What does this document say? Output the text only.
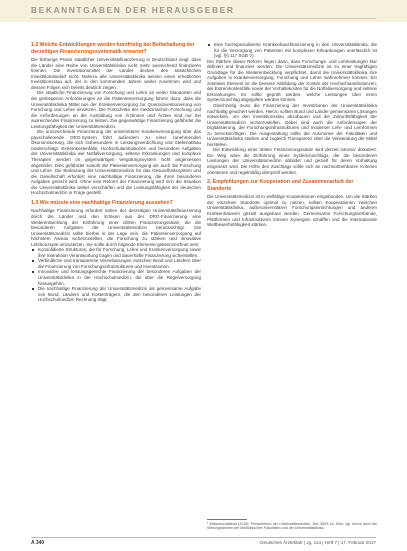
BEKANNTGABEN DER HERAUSGEBER
1.2 Welche Entwicklungen werden kurzfristig bei Beibehaltung der derzeitigen Finanzierungssystematik erwartet?

Die bisherige Praxis staatlicher Universitätsfinanzierung in Deutschland zeigt, dass die Länder eine Reihe von Universitätsklinika nicht mehr ausreichend finanzieren können. Die Investitionsmittel der Länder decken den tatsächlichen Investitionsbedarf nicht. Nahezu alle Universitätsklinika weisen einen erheblichen Investitionsstau auf, der in den kommenden Jahren weiter zunehmen wird und dessen Folgen sich bereits deutlich zeigen.

Die staatliche Finanzierung von Forschung und Lehre an vielen Standorten und die gestiegenen Anforderungen an die Patientenversorgung führen dazu, dass die Universitätsklinika Mittel aus der Krankenversorgung zur Quersubventionierung von Forschung und Lehre einsetzen. Die Fortschritte der medizinischen Forschung und die Anforderungen an die Ausbildung von Ärztinnen und Ärzten sind nur bei ausreichender Finanzierung zu leisten. Die gegenwärtige Finanzierung gefährdet die Leistungsfähigkeit der Universitätsmedizin.

Die unzureichende Finanzierung der universitären Krankenversorgung über das pauschalierende DRG-System führt außerdem zu einer zunehmenden Ökonomisierung, die sich insbesondere in Leistungsverdichtung und Stellenabbau niederschlägt. Extremkostenfälle, Hochschulambulanzen und besondere Aufgaben der Universitätsklinika wie Notfallversorgung, seltene Erkrankungen und komplexe Therapien werden im gegenwärtigen Vergütungssystem nicht angemessen abgebildet. Dies gefährdet sowohl die Patientenversorgung als auch die Forschung und Lehre. Die Bedeutung der Universitätsmedizin für das Gesundheitssystem und die Gesellschaft erfordert eine nachhaltige Finanzierung, die ihren besonderen Aufgaben gerecht wird. Ohne eine Reform der Finanzierung wird sich die Situation der Universitätsklinika weiter verschärfen und die Leistungsfähigkeit der deutschen Hochschulmedizin in Frage gestellt.

1.3 Wie müsste eine nachhaltige Finanzierung aussehen?

Nachhaltige Finanzierung erfordert neben der derzeitigen Universitätsfinanzierung durch die Länder und den Erlösen aus der DRG-Finanzierung eine Weiterentwicklung der Einführung einer dritten Finanzierungssäule, die die besonderen Aufgaben der Universitätsmedizin berücksichtigt. Die Universitätsmedizin sollte hierbei in der Lage sein, die Patientenversorgung auf höchstem Niveau sicherzustellen, die Forschung zu stärken und innovative Lehrkonzepte umzusetzen. Sie sollte durch folgende Elemente gekennzeichnet sein:

Konsolidierte Strukturen, die für Forschung, Lehre und Krankenversorgung sowie ihre Interaktion Verantwortung tragen und dauerhafte Finanzierung sicherstellen.
Verbindliche und transparente Vereinbarungen zwischen Bund und Ländern über die Finanzierung von Forschungsinfrastrukturen und Investitionen.
Innovative und leistungsgerechte Finanzierung der besonderen Aufgaben der Universitätsklinika in der Hochschulmedizin, die über die Regelversorgung hinausgehen.
Die nachhaltige Finanzierung der Universitätsmedizin als gemeinsame Aufgabe von Bund, Ländern und Kostenträgern, die den besonderen Leistungen der Hochschulmedizin Rechnung trägt.
Eine hochspezialisierte Krankenhausfinanzierung in den Universitätsklinika, die für die Versorgung von Patienten mit komplexen Erkrankungen unerlässlich ist (vgl. §§ 117 SGB V).

Die Stärken dieser Reform liegen darin, dass Forschungs- und Lehrleistungen klar definiert und finanziert werden. Die Universitätsmedizin ist zu einer tragfähigen Grundlage für die Weiterentwicklung verpflichtet, damit die Universitätsklinika ihre Aufgaben in Krankenversorgung, Forschung und Lehre wahrnehmen können. Ein zentrales Element ist die bessere Abbildung der Kosten der Hochschulambulanzen, der Extremkostenfälle sowie der Vorhaltekosten für die Notfallversorgung und seltene Erkrankungen. Es sollte geprüft werden, welche Leistungen über einen Systemzuschlag abgegolten werden können.

Gleichzeitig muss die Finanzierung der Investitionen der Universitätsklinika nachhaltig gesichert werden. Hierzu sollten Bund und Länder gemeinsame Lösungen entwickeln, um den Investitionsstau abzubauen und die Zukunftsfähigkeit der Universitätsmedizin sicherzustellen. Dabei sind auch die Anforderungen der Digitalisierung, der Forschungsinfrastrukturen und moderner Lehr- und Lernformen zu berücksichtigen. Die Ausgestaltung sollte die Autonomie der Fakultäten und Universitätsklinika stärken und zugleich Transparenz über die Verwendung der Mittel herstellen.

Die Entwicklung einer dritten Finanzierungssäule wird derzeit intensiv diskutiert. Ein Weg wäre die Einführung eines Systemzuschlags, der die besonderen Leistungen der Universitätsmedizin abbildet und gezielt für deren Vorhaltung eingesetzt wird. Die Höhe des Zuschlags sollte sich an nachvollziehbaren Kriterien orientieren und regelmäßig überprüft werden.

2. Empfehlungen zur Kooperation und Zusammenarbeit der Standorte

Die Universitätsmedizin ist in vielfältige Kooperationen eingebunden. Um die Stärken der einzelnen Standorte optimal zu nutzen, sollten Kooperationen zwischen Universitätsklinika, außeruniversitären Forschungseinrichtungen und anderen Krankenhäusern gezielt ausgebaut werden. Gemeinsame Forschungsverbünde, Plattformen und Infrastrukturen können Synergien schaffen und die internationale Wettbewerbsfähigkeit stärken.

¹ Wissenschaftsrat (2016): Perspektiven der Universitätsmedizin, Drs. 5663-16, Köln; vgl. hierzu auch die Stellungnahmen der Medizinischen Fakultäten und der Universitätsklinika.
A 340	Deutsches Ärzteblatt | Jg. 114 | Heft 7 | 17. Februar 2017
